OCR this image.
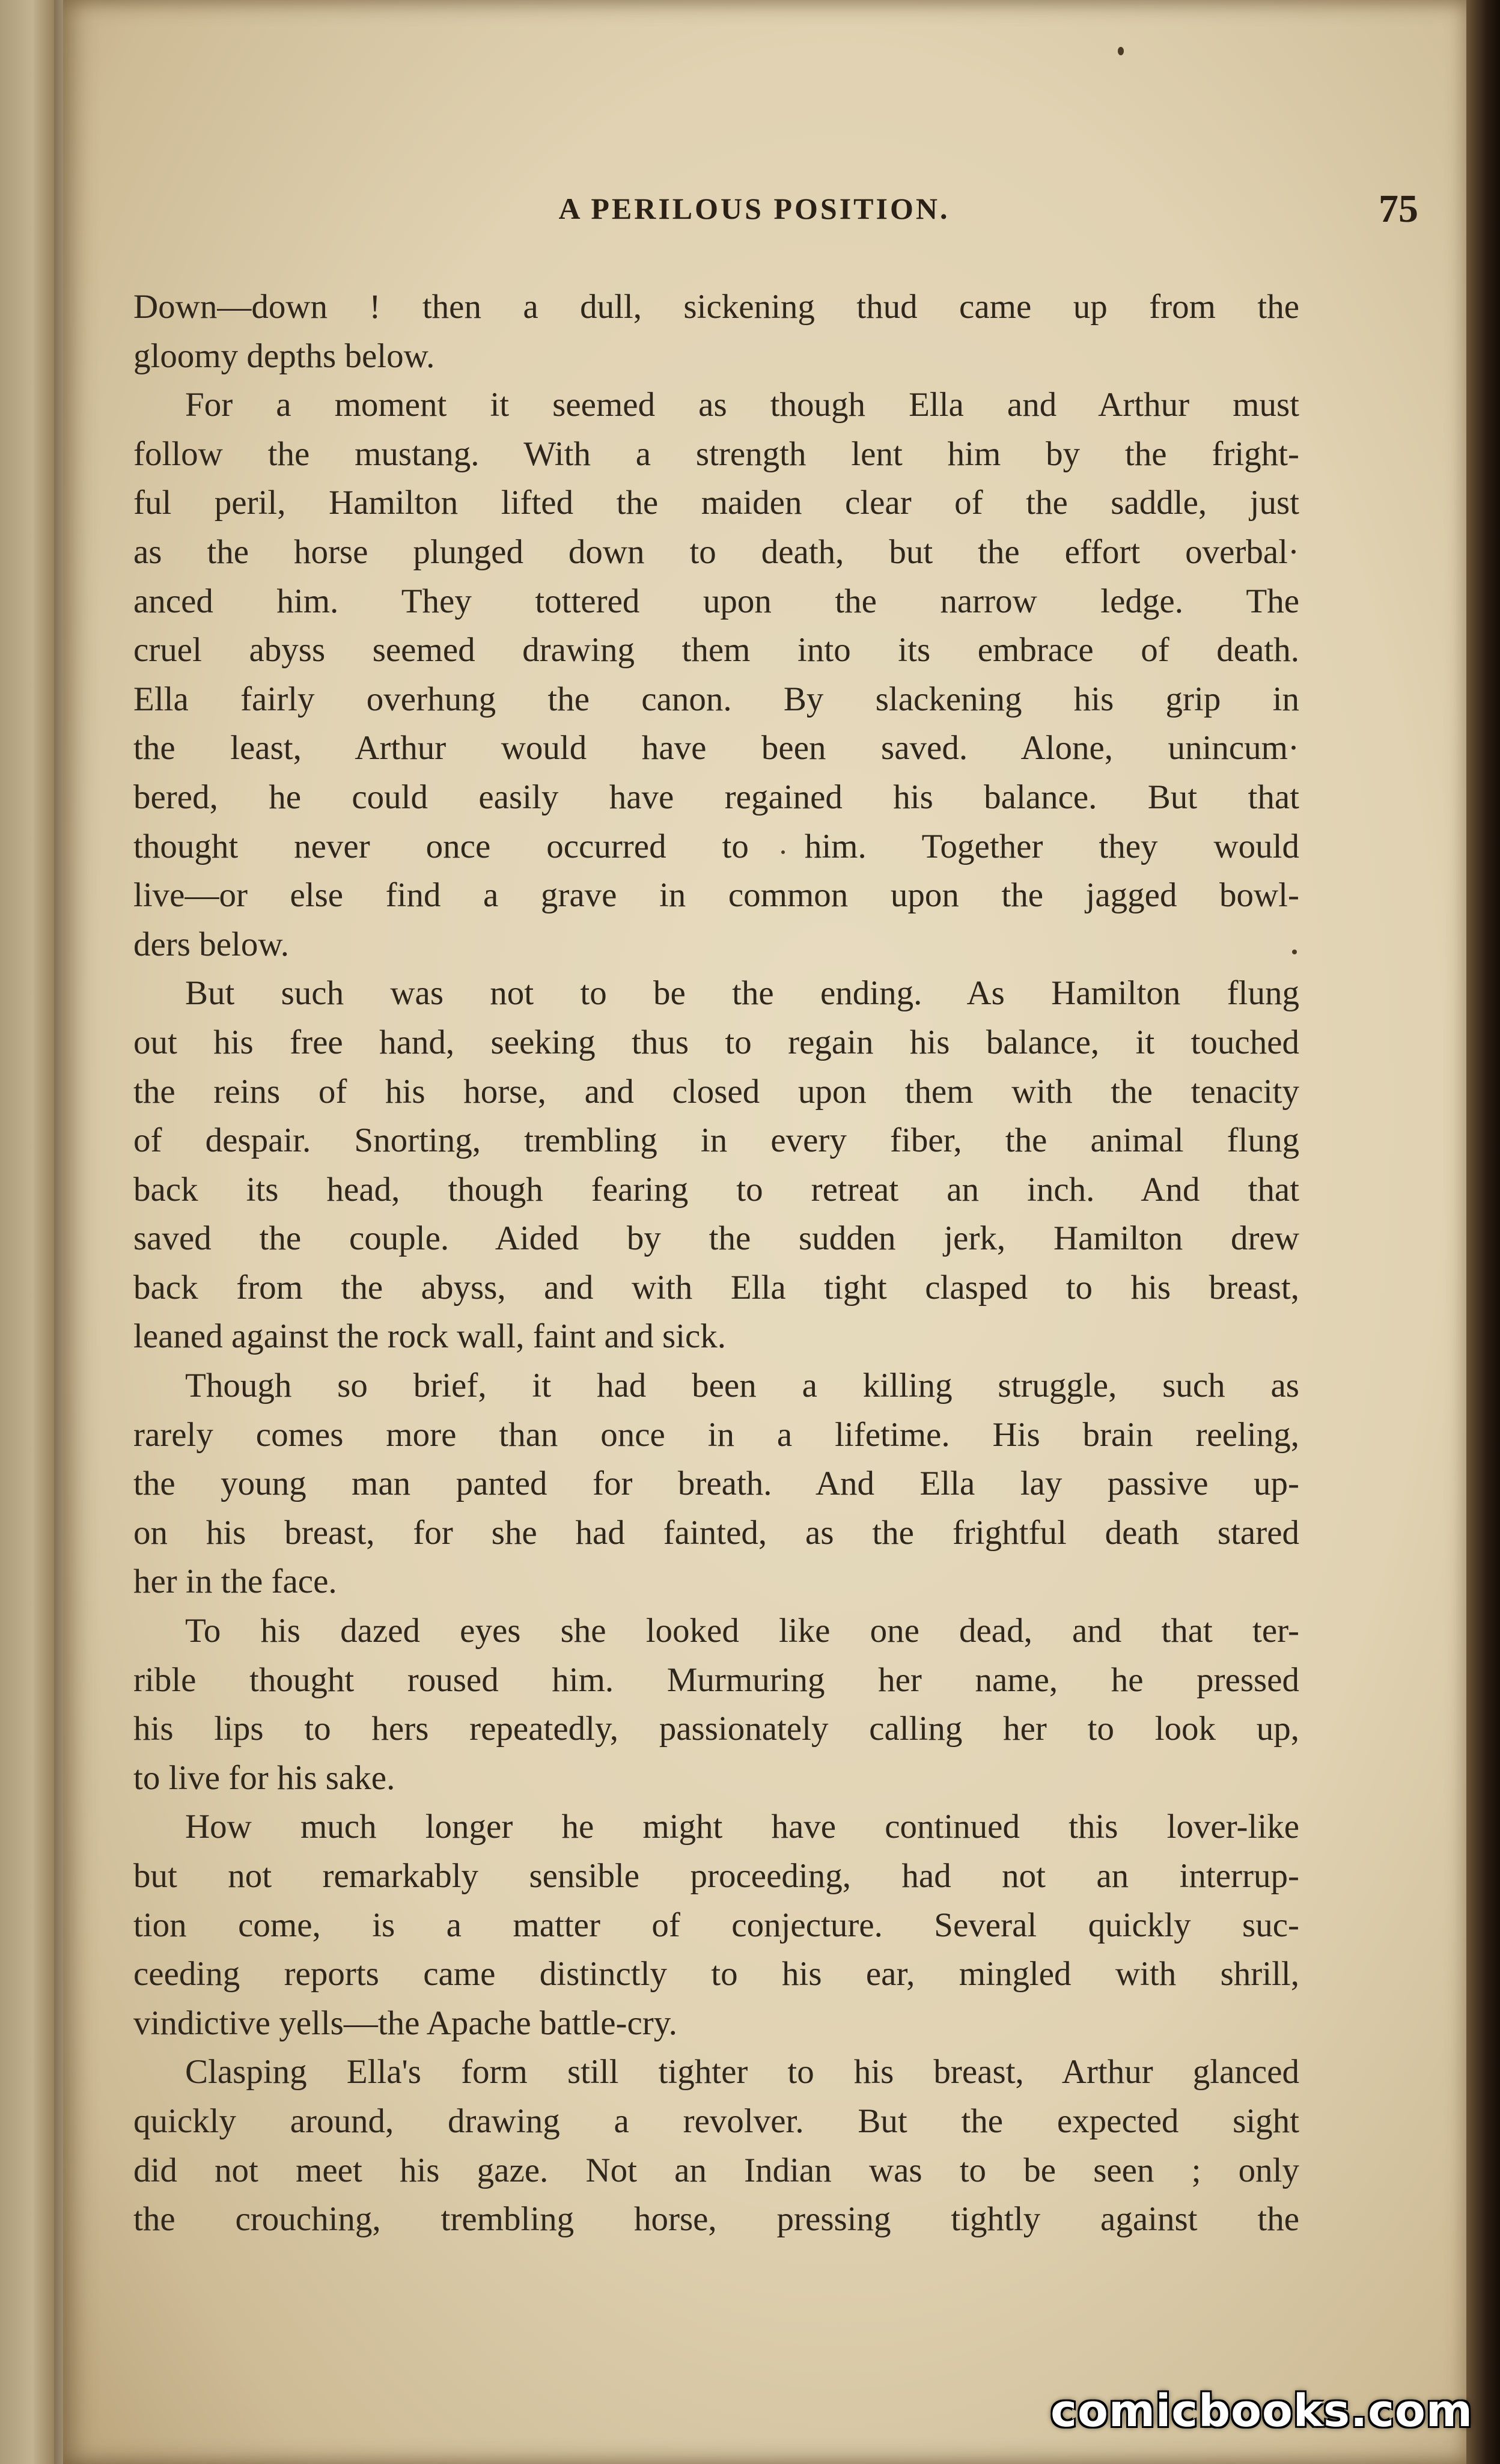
A PERILOUS POSITION.	75
Down—down ! then a dull, sickening thud came up from the
gloomy depths below.
For a moment it seemed as though Ella and Arthur must
follow the mustang. With a strength lent him by the fright-
ful peril, Hamilton lifted the maiden clear of the saddle, just
as the horse plunged down to death, but the effort overbal·
anced him. They tottered upon the narrow ledge. The
cruel abyss seemed drawing them into its embrace of death.
Ella fairly overhung the canon. By slackening his grip in
the least, Arthur would have been saved. Alone, unincum·
bered, he could easily have regained his balance. But that
thought never once occurred to him. Together they would
live—or else find a grave in common upon the jagged bowl-
ders below.
But such was not to be the ending. As Hamilton flung
out his free hand, seeking thus to regain his balance, it touched
the reins of his horse, and closed upon them with the tenacity
of despair. Snorting, trembling in every fiber, the animal flung
back its head, though fearing to retreat an inch. And that
saved the couple. Aided by the sudden jerk, Hamilton drew
back from the abyss, and with Ella tight clasped to his breast,
leaned against the rock wall, faint and sick.
Though so brief, it had been a killing struggle, such as
rarely comes more than once in a lifetime. His brain reeling,
the young man panted for breath. And Ella lay passive up-
on his breast, for she had fainted, as the frightful death stared
her in the face.
To his dazed eyes she looked like one dead, and that ter-
rible thought roused him. Murmuring her name, he pressed
his lips to hers repeatedly, passionately calling her to look up,
to live for his sake.
How much longer he might have continued this lover-like
but not remarkably sensible proceeding, had not an interrup-
tion come, is a matter of conjecture. Several quickly suc-
ceeding reports came distinctly to his ear, mingled with shrill,
vindictive yells—the Apache battle-cry.
Clasping Ella's form still tighter to his breast, Arthur glanced
quickly around, drawing a revolver. But the expected sight
did not meet his gaze. Not an Indian was to be seen ; only
the crouching, trembling horse, pressing tightly against the
comicbooks.com
